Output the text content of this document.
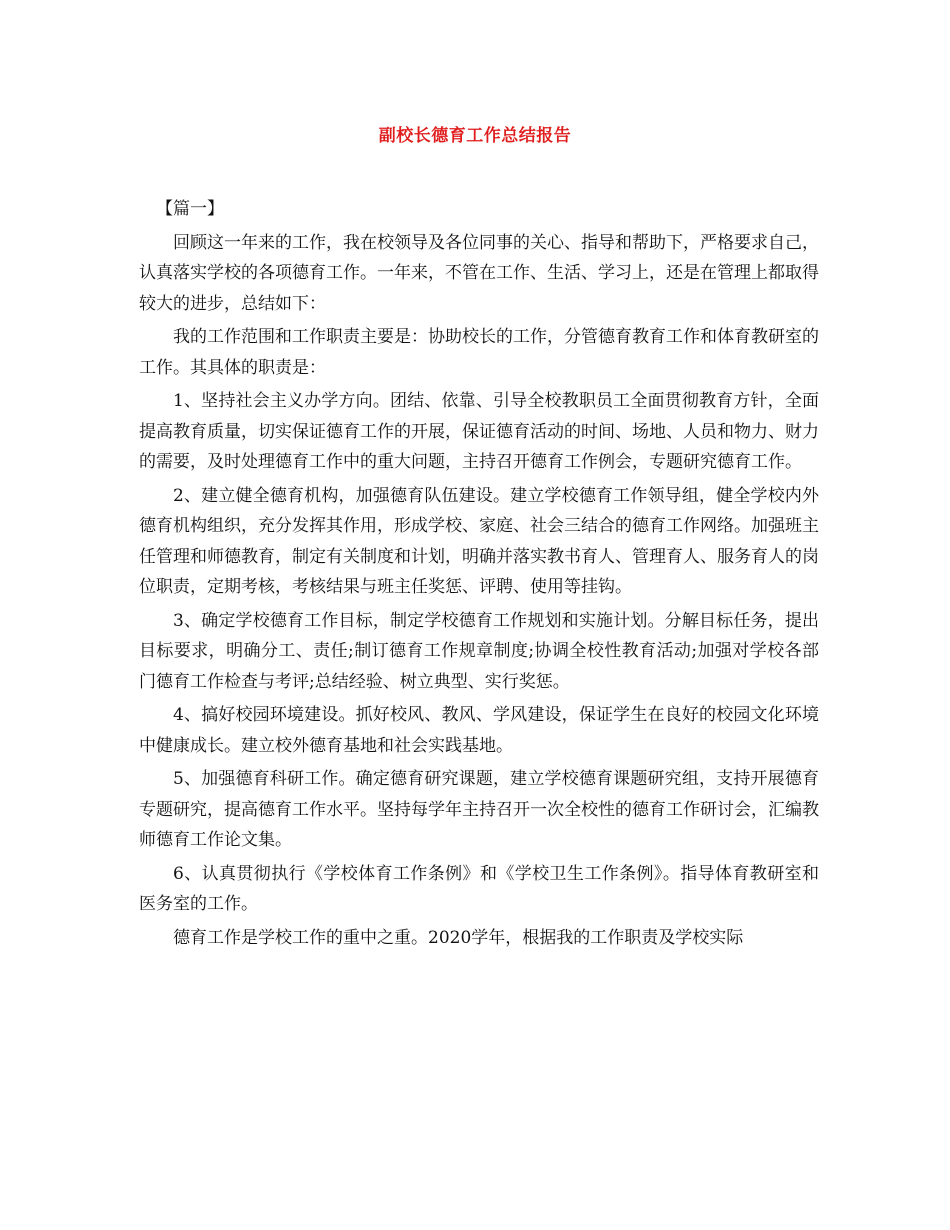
副校长德育工作总结报告

【篇一】

回顾这一年来的工作，我在校领导及各位同事的关心、指导和帮助下，严格要求自己，认真落实学校的各项德育工作。一年来，不管在工作、生活、学习上，还是在管理上都取得较大的进步，总结如下：

我的工作范围和工作职责主要是：协助校长的工作，分管德育教育工作和体育教研室的工作。其具体的职责是：

1、坚持社会主义办学方向。团结、依靠、引导全校教职员工全面贯彻教育方针，全面提高教育质量，切实保证德育工作的开展，保证德育活动的时间、场地、人员和物力、财力的需要，及时处理德育工作中的重大问题，主持召开德育工作例会，专题研究德育工作。

2、建立健全德育机构，加强德育队伍建设。建立学校德育工作领导组，健全学校内外德育机构组织，充分发挥其作用，形成学校、家庭、社会三结合的德育工作网络。加强班主任管理和师德教育，制定有关制度和计划，明确并落实教书育人、管理育人、服务育人的岗位职责，定期考核，考核结果与班主任奖惩、评聘、使用等挂钩。

3、确定学校德育工作目标，制定学校德育工作规划和实施计划。分解目标任务，提出目标要求，明确分工、责任;制订德育工作规章制度;协调全校性教育活动;加强对学校各部门德育工作检查与考评;总结经验、树立典型、实行奖惩。

4、搞好校园环境建设。抓好校风、教风、学风建设，保证学生在良好的校园文化环境中健康成长。建立校外德育基地和社会实践基地。

5、加强德育科研工作。确定德育研究课题，建立学校德育课题研究组，支持开展德育专题研究，提高德育工作水平。坚持每学年主持召开一次全校性的德育工作研讨会，汇编教师德育工作论文集。

6、认真贯彻执行《学校体育工作条例》和《学校卫生工作条例》。指导体育教研室和医务室的工作。

德育工作是学校工作的重中之重。2020学年，根据我的工作职责及学校实际
